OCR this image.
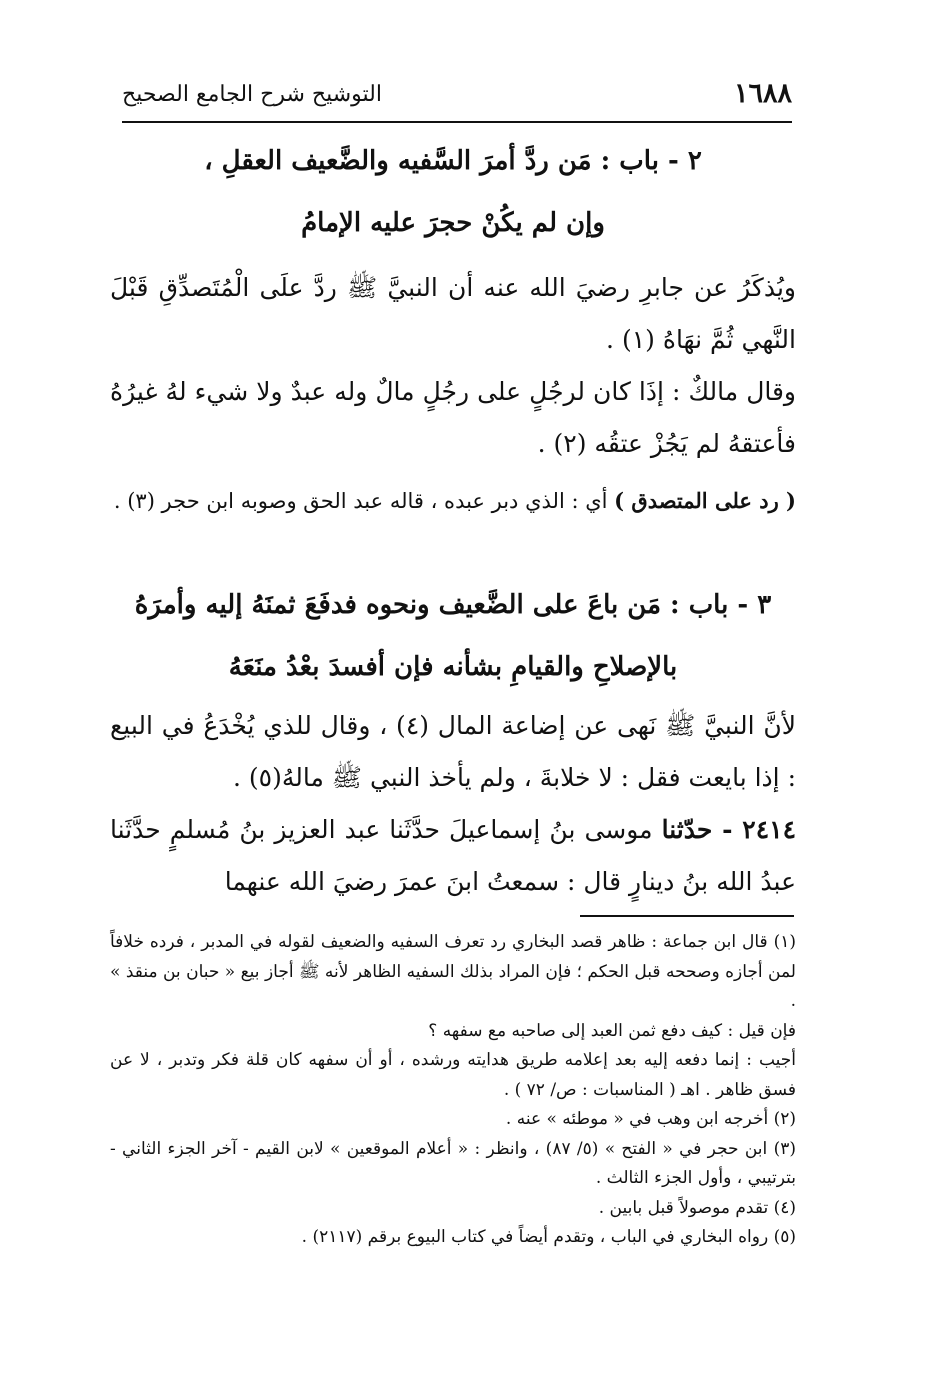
١٦٨٨
التوشيح شرح الجامع الصحيح
٢ - باب : مَن ردَّ أمرَ السَّفيه والضَّعيف العقلِ ،
وإن لم يكُنْ حجرَ عليه الإمامُ
ويُذكَرُ عن جابرِ رضيَ الله عنه أن النبيَّ ﷺ ردَّ علَى الْمُتَصدِّقِ قَبْلَ النَّهي ثُمَّ نهَاهُ (١) .
وقال مالكٌ : إذَا كان لرجُلٍ على رجُلٍ مالٌ وله عبدٌ ولا شيء لهُ غيرُهُ فأعتقهُ لم يَجُزْ عتقُه (٢) .
( رد على المتصدق ) أي : الذي دبر عبده ، قاله عبد الحق وصوبه ابن حجر (٣) .
٣ - باب : مَن باعَ على الضَّعيف ونحوه فدفَعَ ثمنَهُ إليه وأمرَهُ
بالإصلاحِ والقيامِ بشأنه فإن أفسدَ بعْدُ منَعَهُ
لأنَّ النبيَّ ﷺ نَهى عن إضاعة المال (٤) ، وقال للذي يُخْدَعُ في البيع : إذا بايعت فقل : لا خلابةَ ، ولم يأخذ النبي ﷺ مالهُ(٥) .
٢٤١٤ - حدّثنا موسى بنُ إسماعيلَ حدَّثَنا عبد العزيز بنُ مُسلمٍ حدَّثَنا عبدُ الله بنُ دينارٍ قال : سمعتُ ابنَ عمرَ رضيَ الله عنهما

(١) قال ابن جماعة : ظاهر قصد البخاري رد تعرف السفيه والضعيف لقوله في المدبر ، فرده خلافاً لمن أجازه وصححه قبل الحكم ؛ فإن المراد بذلك السفيه الظاهر لأنه ﷺ أجاز بيع « حبان بن منقذ » .

فإن قيل : كيف دفع ثمن العبد إلى صاحبه مع سفهه ؟

أجيب : إنما دفعه إليه بعد إعلامه طريق هدايته ورشده ، أو أن سفهه كان قلة فكر وتدبر ، لا عن فسق ظاهر . اهـ ( المناسبات : ص/ ٧٢ ) .

(٢) أخرجه ابن وهب في « موطئه » عنه .

(٣) ابن حجر في « الفتح » (٥/ ٨٧) ، وانظر : « أعلام الموقعين » لابن القيم - آخر الجزء الثاني - بترتيبي ، وأول الجزء الثالث .

(٤) تقدم موصولاً قبل بابين .

(٥) رواه البخاري في الباب ، وتقدم أيضاً في كتاب البيوع برقم (٢١١٧) .
